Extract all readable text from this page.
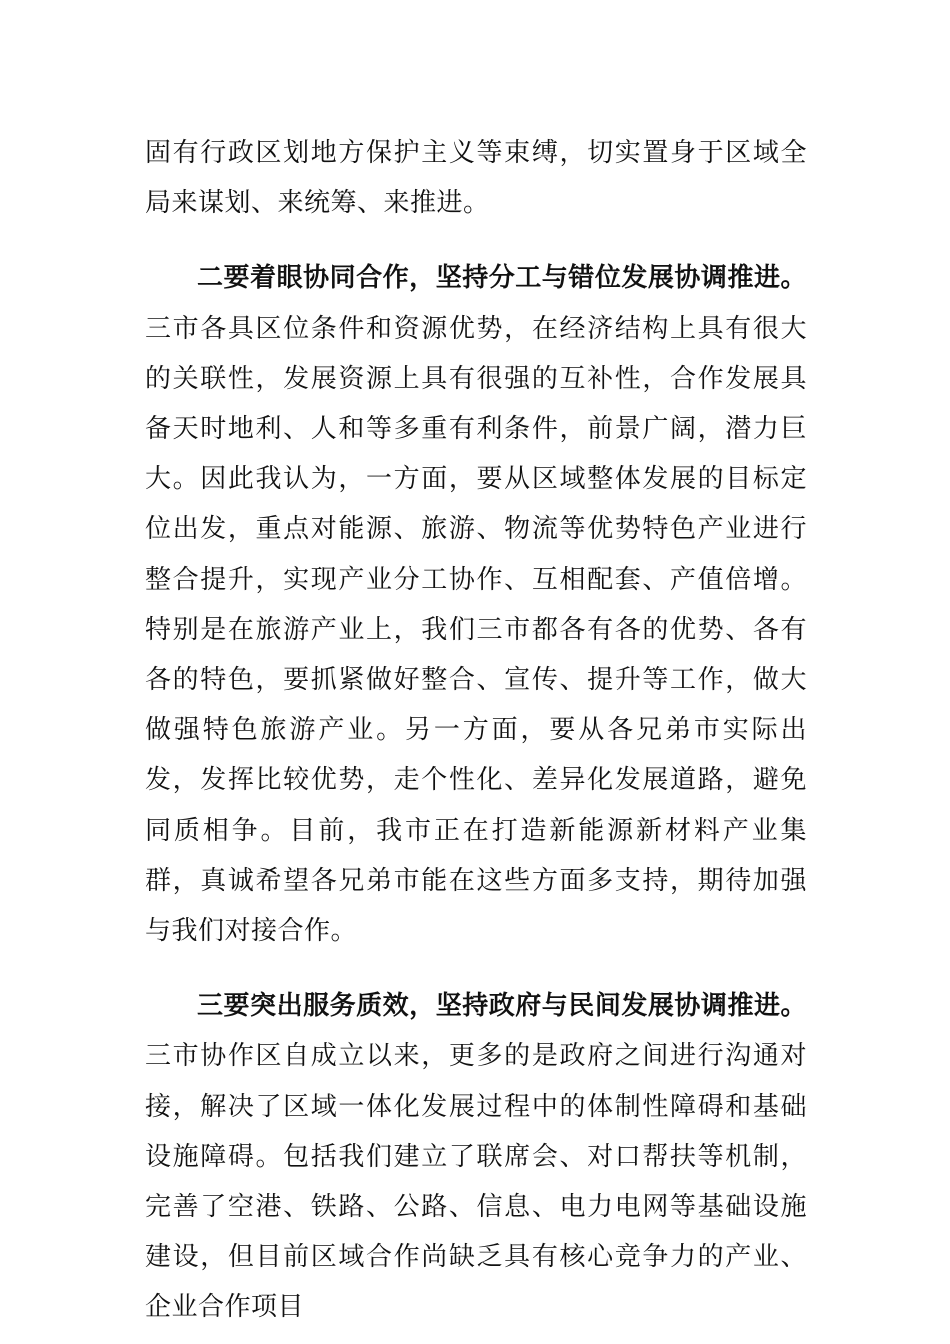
固有行政区划地方保护主义等束缚，切实置身于区域全局来谋划、来统筹、来推进。

二要着眼协同合作，坚持分工与错位发展协调推进。三市各具区位条件和资源优势，在经济结构上具有很大的关联性，发展资源上具有很强的互补性，合作发展具备天时地利、人和等多重有利条件，前景广阔，潜力巨大。因此我认为，一方面，要从区域整体发展的目标定位出发，重点对能源、旅游、物流等优势特色产业进行整合提升，实现产业分工协作、互相配套、产值倍增。特别是在旅游产业上，我们三市都各有各的优势、各有各的特色，要抓紧做好整合、宣传、提升等工作，做大做强特色旅游产业。另一方面，要从各兄弟市实际出发，发挥比较优势，走个性化、差异化发展道路，避免同质相争。目前，我市正在打造新能源新材料产业集群，真诚希望各兄弟市能在这些方面多支持，期待加强与我们对接合作。

三要突出服务质效，坚持政府与民间发展协调推进。三市协作区自成立以来，更多的是政府之间进行沟通对接，解决了区域一体化发展过程中的体制性障碍和基础设施障碍。包括我们建立了联席会、对口帮扶等机制，完善了空港、铁路、公路、信息、电力电网等基础设施建设，但目前区域合作尚缺乏具有核心竞争力的产业、企业合作项目
